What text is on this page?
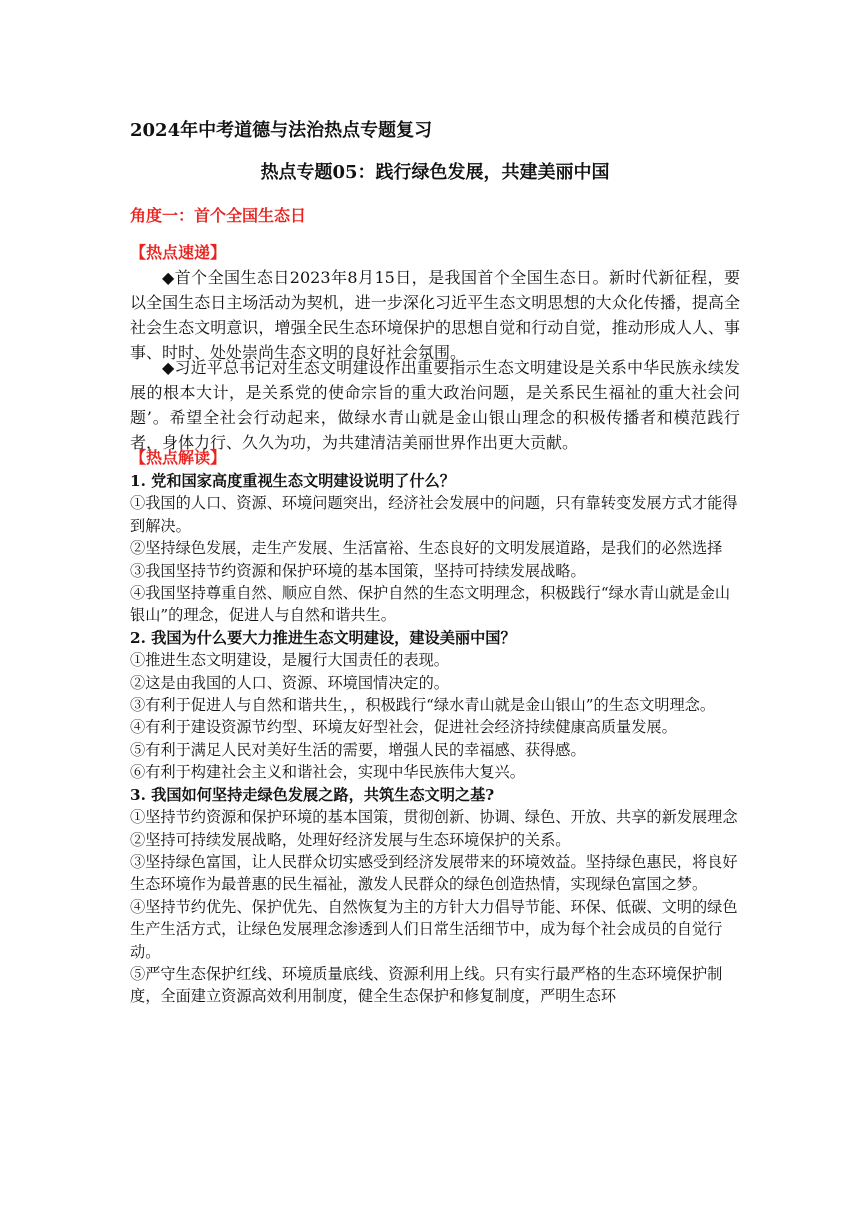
2024年中考道德与法治热点专题复习
热点专题05：践行绿色发展，共建美丽中国
角度一：首个全国生态日
【热点速递】
◆首个全国生态日2023年8月15日，是我国首个全国生态日。新时代新征程，要以全国生态日主场活动为契机，进一步深化习近平生态文明思想的大众化传播，提高全社会生态文明意识，增强全民生态环境保护的思想自觉和行动自觉，推动形成人人、事事、时时、处处崇尚生态文明的良好社会氛围。
◆习近平总书记对生态文明建设作出重要指示生态文明建设是关系中华民族永续发展的根本大计，是关系党的使命宗旨的重大政治问题，是关系民生福祉的重大社会问题’。希望全社会行动起来，做绿水青山就是金山银山理念的积极传播者和模范践行者，身体力行、久久为功，为共建清洁美丽世界作出更大贡献。
【热点解读】
1. 党和国家高度重视生态文明建设说明了什么？
①我国的人口、资源、环境问题突出，经济社会发展中的问题，只有靠转变发展方式才能得到解决。
②坚持绿色发展，走生产发展、生活富裕、生态良好的文明发展道路，是我们的必然选择
③我国坚持节约资源和保护环境的基本国策，坚持可持续发展战略。
④我国坚持尊重自然、顺应自然、保护自然的生态文明理念，积极践行“绿水青山就是金山银山”的理念，促进人与自然和谐共生。
2. 我国为什么要大力推进生态文明建设，建设美丽中国？
①推进生态文明建设，是履行大国责任的表现。
②这是由我国的人口、资源、环境国情决定的。
③有利于促进人与自然和谐共生，，积极践行“绿水青山就是金山银山”的生态文明理念。
④有利于建设资源节约型、环境友好型社会，促进社会经济持续健康高质量发展。
⑤有利于满足人民对美好生活的需要，增强人民的幸福感、获得感。
⑥有利于构建社会主义和谐社会，实现中华民族伟大复兴。
3. 我国如何坚持走绿色发展之路，共筑生态文明之基?
①坚持节约资源和保护环境的基本国策，贯彻创新、协调、绿色、开放、共享的新发展理念
②坚持可持续发展战略，处理好经济发展与生态环境保护的关系。
③坚持绿色富国，让人民群众切实感受到经济发展带来的环境效益。坚持绿色惠民，将良好生态环境作为最普惠的民生福祉，激发人民群众的绿色创造热情，实现绿色富国之梦。
④坚持节约优先、保护优先、自然恢复为主的方针大力倡导节能、环保、低碳、文明的绿色生产生活方式，让绿色发展理念渗透到人们日常生活细节中，成为每个社会成员的自觉行动。
⑤严守生态保护红线、环境质量底线、资源利用上线。只有实行最严格的生态环境保护制度，全面建立资源高效利用制度，健全生态保护和修复制度，严明生态环
